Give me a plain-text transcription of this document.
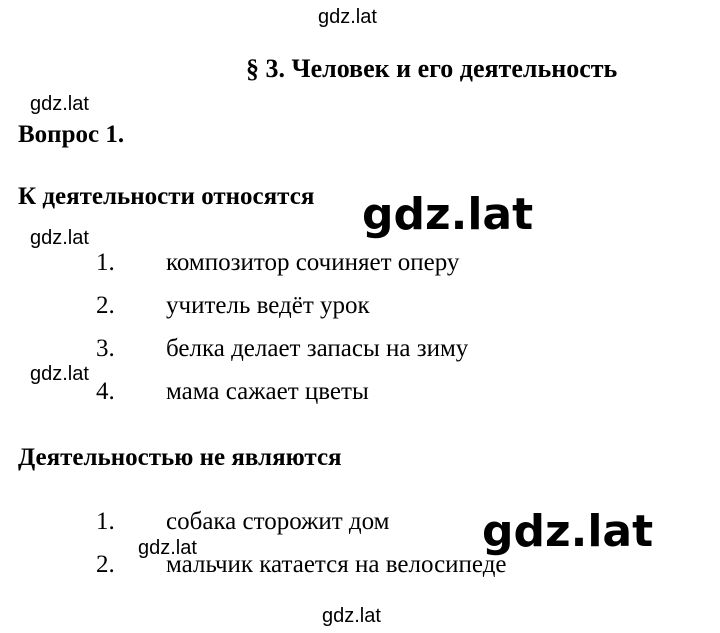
gdz.lat
gdz.lat
gdz.lat
gdz.lat
gdz.lat
gdz.lat
§ 3. Человек и его деятельность
Вопрос 1.
К деятельности относятся
1. композитор сочиняет оперу
2. учитель ведёт урок
3. белка делает запасы на зиму
4. мама сажает цветы
Деятельностью не являются
1. собака сторожит дом
2. мальчик катается на велосипеде
gdz.lat
gdz.lat
